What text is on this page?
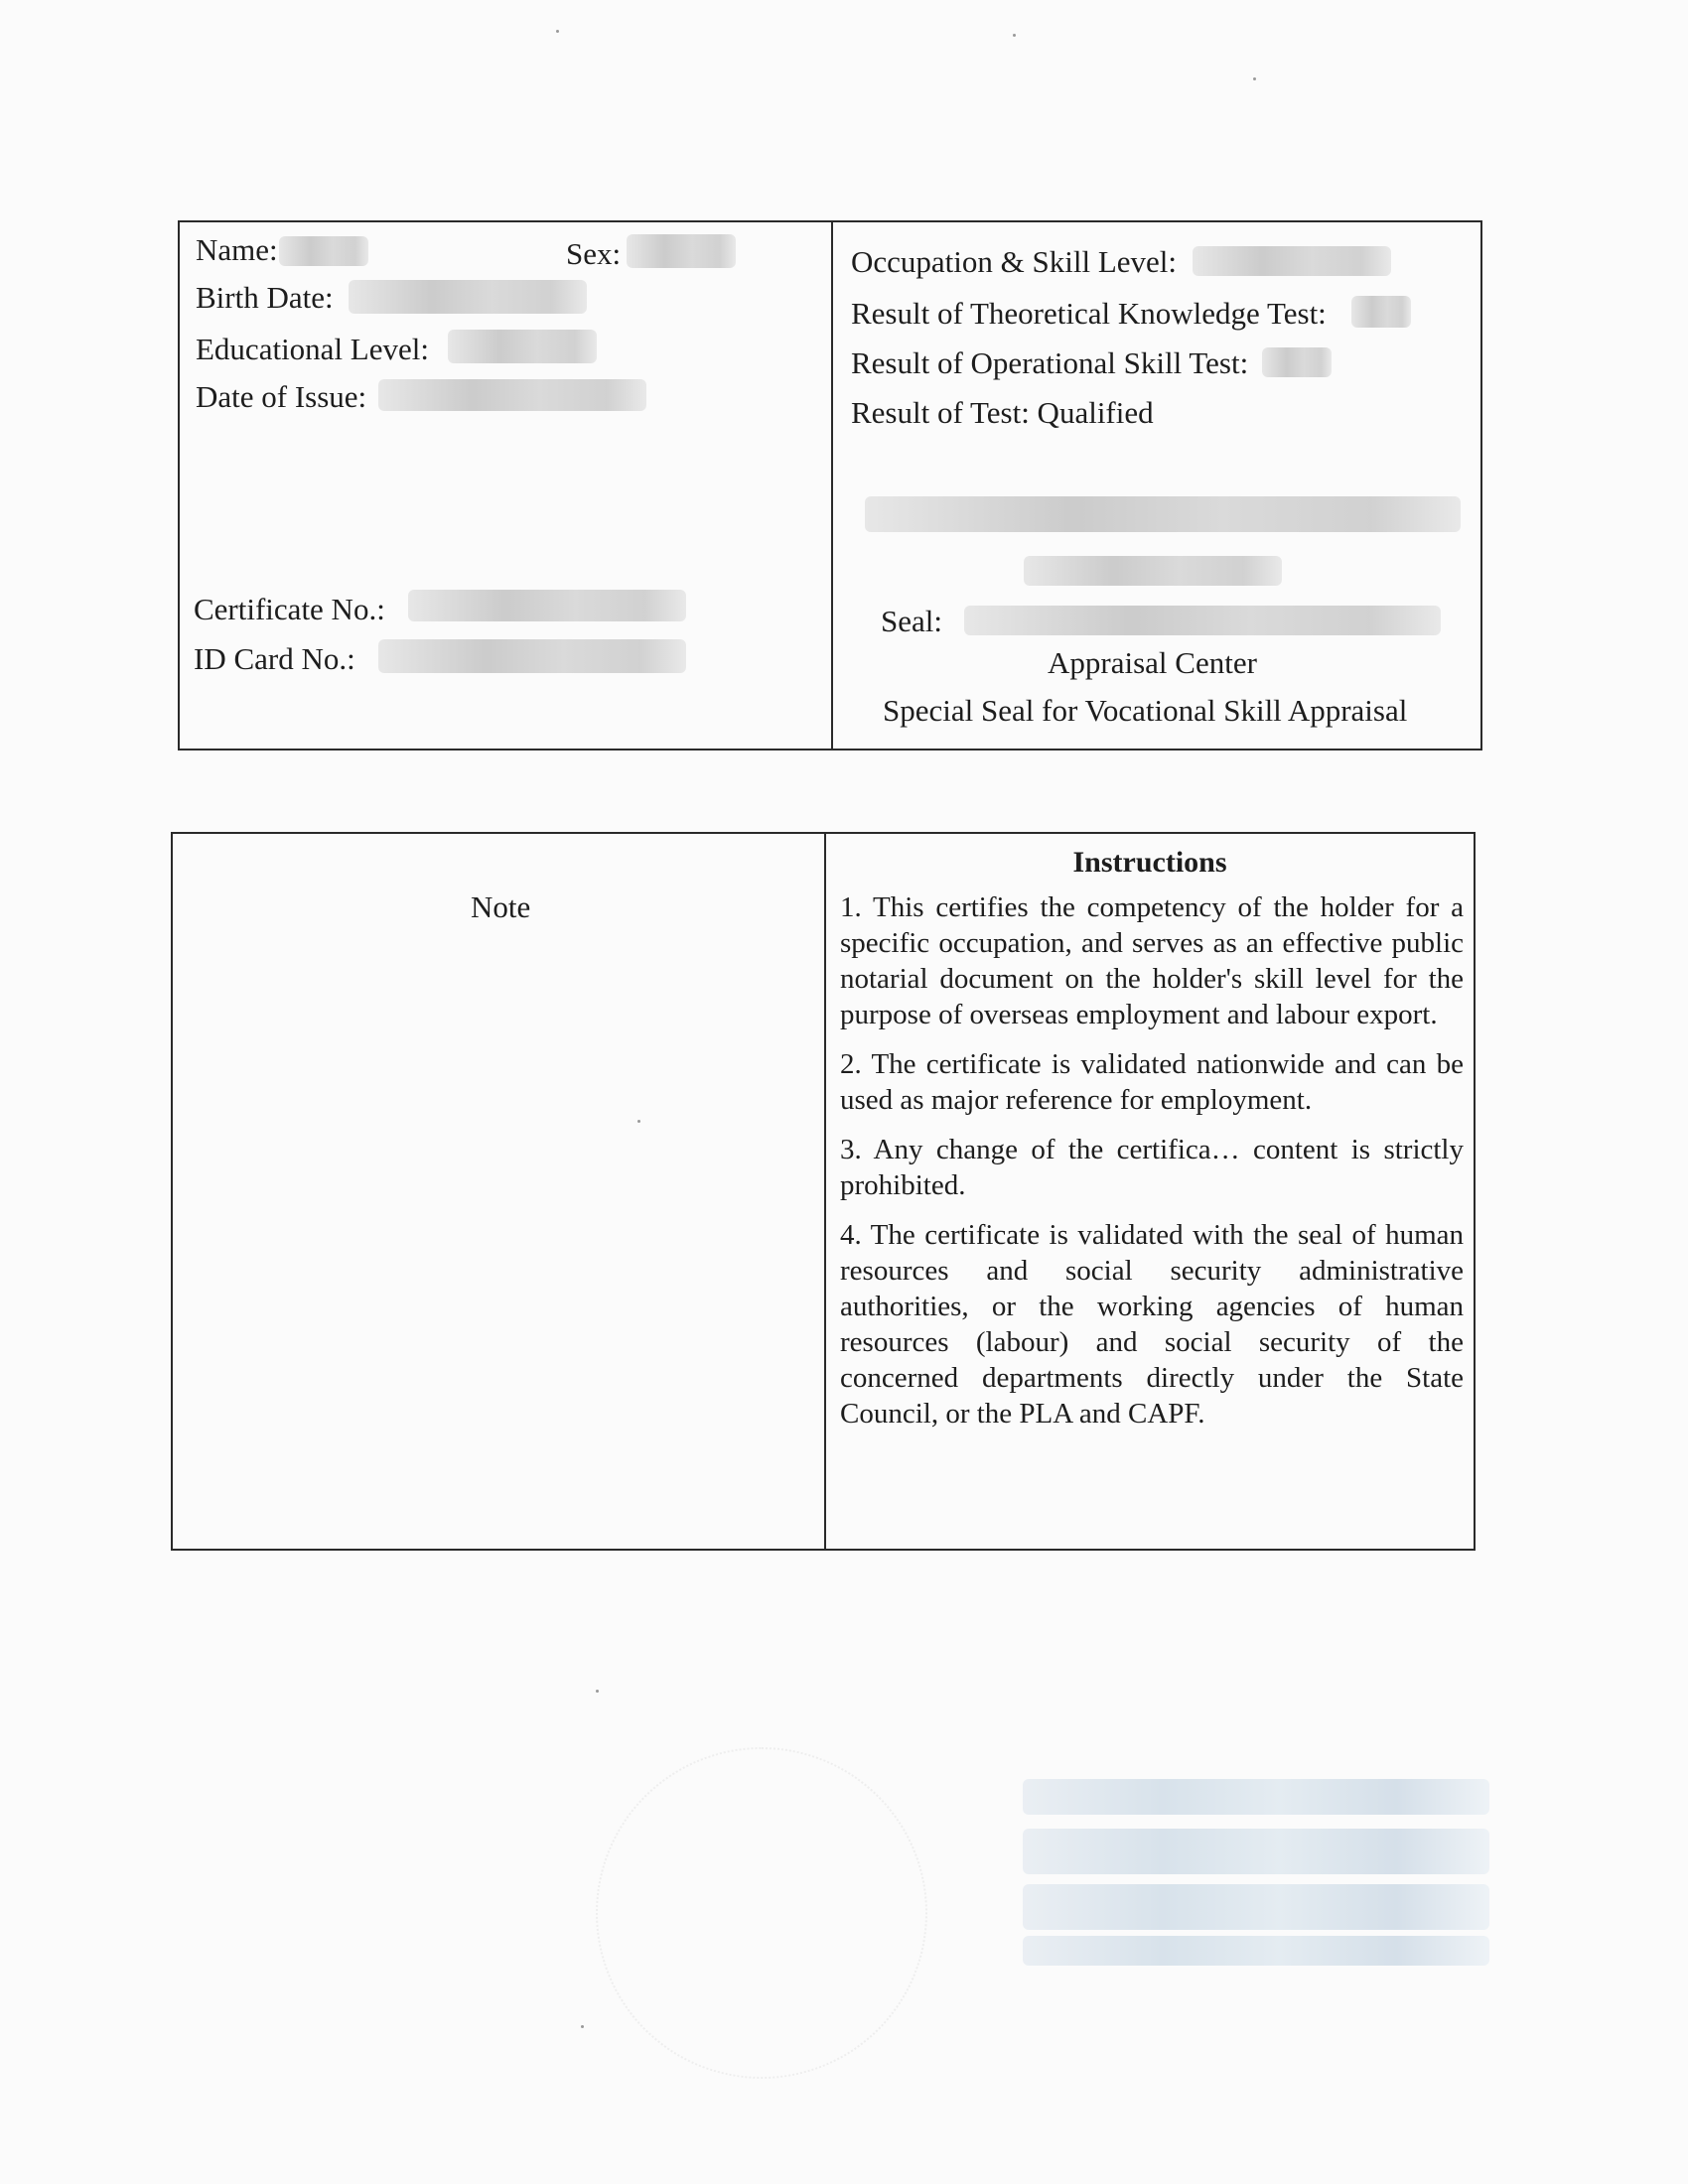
Name:	Sex:
Birth Date:
Educational Level:
Date of Issue:
Certificate No.:
ID Card No.:
Occupation & Skill Level:
Result of Theoretical Knowledge Test:
Result of Operational Skill Test:
Result of Test: Qualified
Seal:
Appraisal Center
Special Seal for Vocational Skill Appraisal
Note
Instructions

1. This certifies the competency of the holder for a specific occupation, and serves as an effective public notarial document on the holder's skill level for the purpose of overseas employment and labour export.

2. The certificate is validated nationwide and can be used as major reference for employment.

3. Any change of the certifica… content is strictly prohibited.

4. The certificate is validated with the seal of human resources and social security administrative authorities, or the working agencies of human resources (labour) and social security of the concerned departments directly under the State Council, or the PLA and CAPF.
